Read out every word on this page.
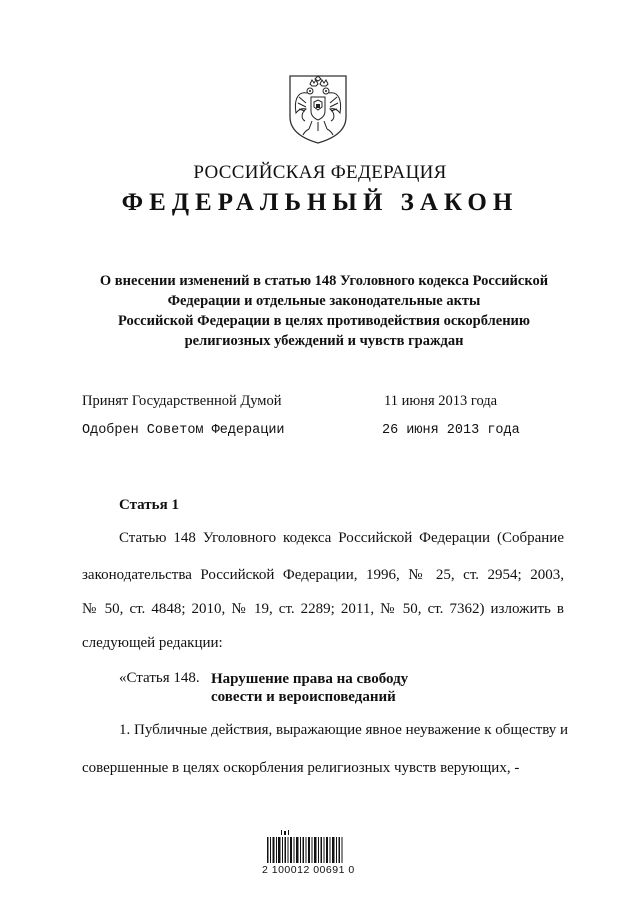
РОССИЙСКАЯ ФЕДЕРАЦИЯ
ФЕДЕРАЛЬНЫЙ ЗАКОН
О внесении изменений в статью 148 Уголовного кодекса Российской
Федерации и отдельные законодательные акты
Российской Федерации в целях противодействия оскорблению
религиозных убеждений и чувств граждан
Принят Государственной Думой	11 июня 2013 года
Одобрен Советом Федерации	26 июня 2013 года
Статья 1
Статью 148 Уголовного кодекса Российской Федерации (Собрание
законодательства Российской Федерации, 1996, № 25, ст. 2954; 2003,
№ 50, ст. 4848; 2010, № 19, ст. 2289; 2011, № 50, ст. 7362) изложить в
следующей редакции:
«Статья 148. Нарушение права на свободу
совести и вероисповеданий
1. Публичные действия, выражающие явное неуважение к обществу и
совершенные в целях оскорбления религиозных чувств верующих, -
2 100012 00691 0
